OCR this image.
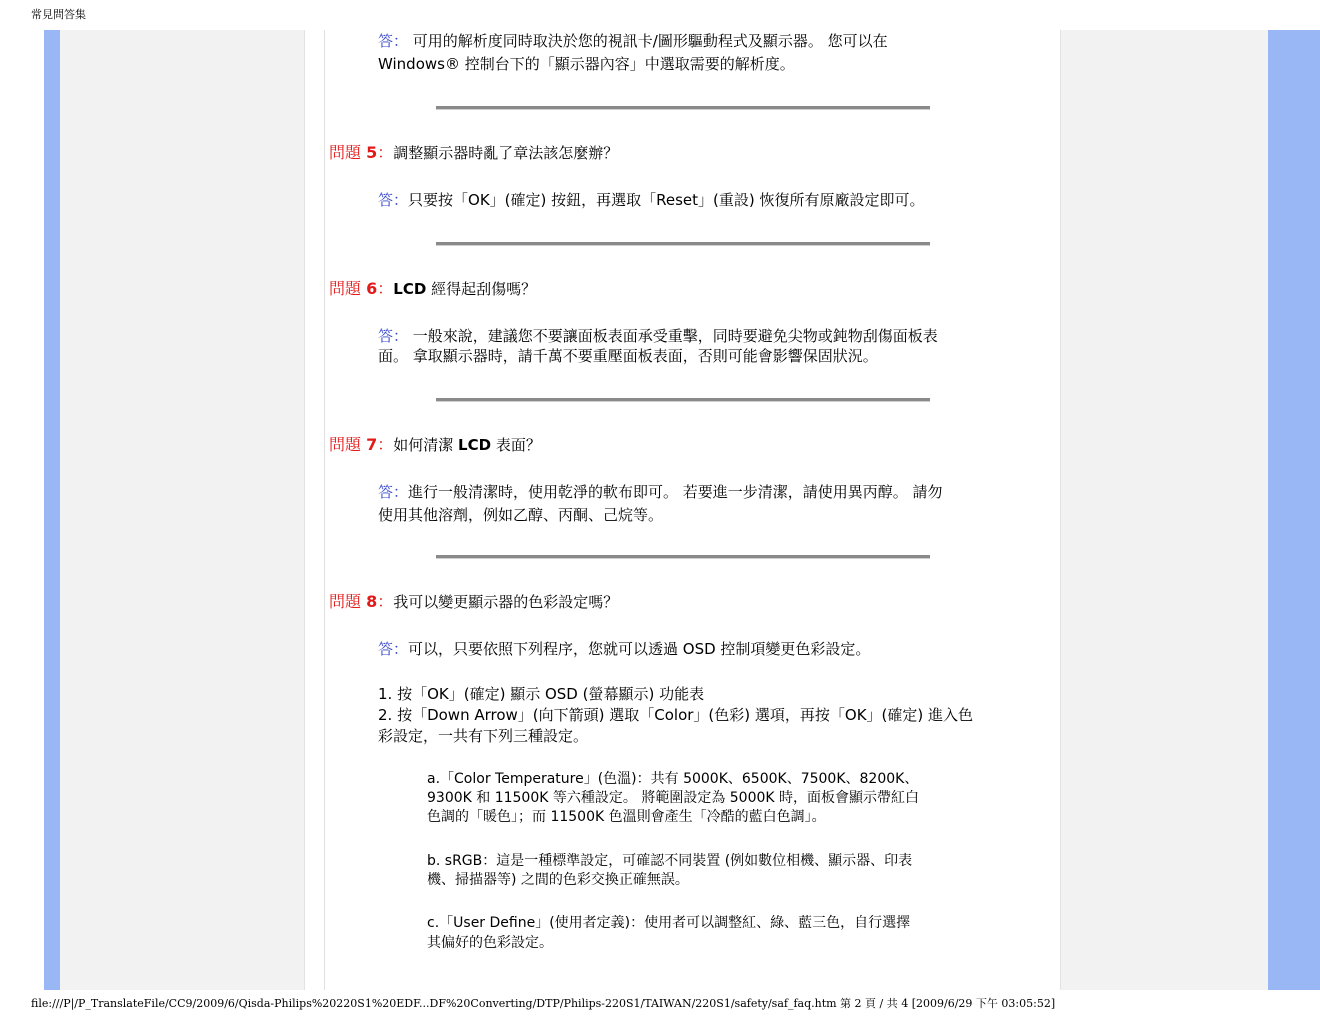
常見問答集
答： 可用的解析度同時取決於您的視訊卡/圖形驅動程式及顯示器。 您可以在
Windows® 控制台下的「顯示器內容」中選取需要的解析度。
問題 5：調整顯示器時亂了章法該怎麼辦？
答：只要按「OK」(確定) 按鈕，再選取「Reset」(重設) 恢復所有原廠設定即可。
問題 6：LCD 經得起刮傷嗎？
答： 一般來說，建議您不要讓面板表面承受重擊，同時要避免尖物或鈍物刮傷面板表
面。 拿取顯示器時，請千萬不要重壓面板表面，否則可能會影響保固狀況。
問題 7：如何清潔 LCD 表面？
答：進行一般清潔時，使用乾淨的軟布即可。 若要進一步清潔，請使用異丙醇。 請勿
使用其他溶劑，例如乙醇、丙酮、己烷等。
問題 8：我可以變更顯示器的色彩設定嗎？
答：可以，只要依照下列程序，您就可以透過 OSD 控制項變更色彩設定。
1. 按「OK」(確定) 顯示 OSD (螢幕顯示) 功能表
2. 按「Down Arrow」(向下箭頭) 選取「Color」(色彩) 選項，再按「OK」(確定) 進入色
彩設定，一共有下列三種設定。
a.「Color Temperature」(色溫)：共有 5000K、6500K、7500K、8200K、
9300K 和 11500K 等六種設定。 將範圍設定為 5000K 時，面板會顯示帶紅白
色調的「暖色」；而 11500K 色溫則會產生「冷酷的藍白色調」。
b. sRGB：這是一種標準設定，可確認不同裝置 (例如數位相機、顯示器、印表
機、掃描器等) 之間的色彩交換正確無誤。
c.「User Define」(使用者定義)：使用者可以調整紅、綠、藍三色，自行選擇
其偏好的色彩設定。
file:///P|/P_TranslateFile/CC9/2009/6/Qisda-Philips%20220S1%20EDF...DF%20Converting/DTP/Philips-220S1/TAIWAN/220S1/safety/saf_faq.htm 第 2 頁 / 共 4 [2009/6/29 下午 03:05:52]
